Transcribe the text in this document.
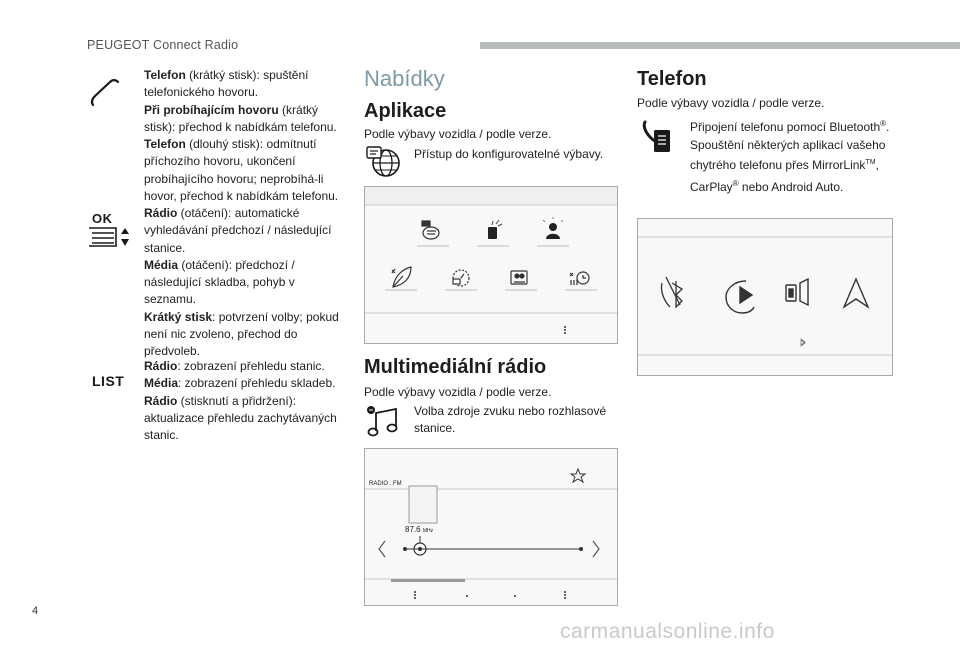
PEUGEOT Connect Radio
Telefon (krátký stisk): spuštění telefonického hovoru.
Při probíhajícím hovoru (krátký stisk): přechod k nabídkám telefonu.
Telefon (dlouhý stisk): odmítnutí příchozího hovoru, ukončení probíhajícího hovoru; neprobíhá-li hovor, přechod k nabídkám telefonu.
OK	Rádio (otáčení): automatické vyhledávání předchozí / následující stanice.
Média (otáčení): předchozí / následující skladba, pohyb v seznamu.
Krátký stisk: potvrzení volby; pokud není nic zvoleno, přechod do předvoleb.
LIST
Rádio: zobrazení přehledu stanic.
Média: zobrazení přehledu skladeb.
Rádio (stisknutí a přidržení): aktualizace přehledu zachytávaných stanic.
Nabídky
Aplikace
Podle výbavy vozidla / podle verze.
Přístup do konfigurovatelné výbavy.
Multimediální rádio
Podle výbavy vozidla / podle verze.
Volba zdroje zvuku nebo rozhlasové stanice.
RADIO . FM
87.6 MHz
Telefon
Podle výbavy vozidla / podle verze.
Připojení telefonu pomocí Bluetooth®.
Spouštění některých aplikací vašeho chytrého telefonu přes MirrorLink™, CarPlay® nebo Android Auto.
4
carmanualsonline.info
